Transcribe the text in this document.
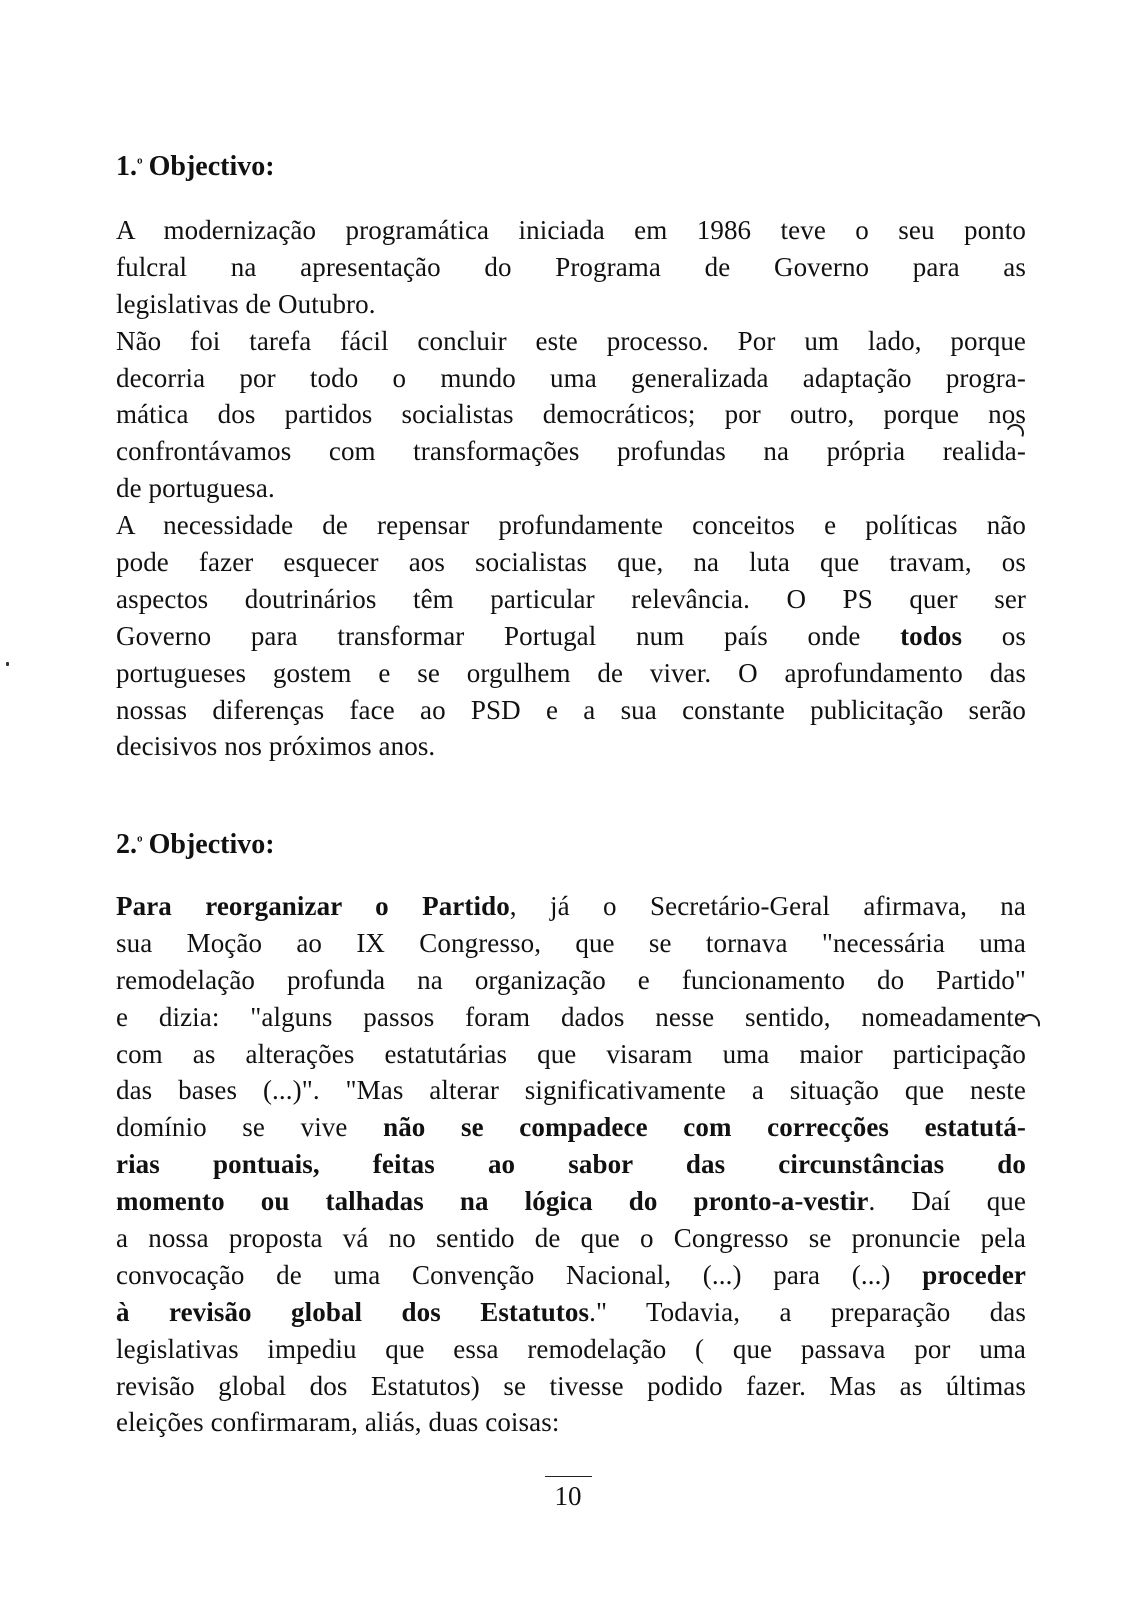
1.$^º$ Objectivo:
A modernização programática iniciada em 1986 teve o seu ponto
fulcral na apresentação do Programa de Governo para as
legislativas de Outubro.
Não foi tarefa fácil concluir este processo. Por um lado, porque
decorria por todo o mundo uma generalizada adaptação progra-
mática dos partidos socialistas democráticos; por outro, porque nos
confrontávamos com transformações profundas na própria realida-
de portuguesa.
A necessidade de repensar profundamente conceitos e políticas não
pode fazer esquecer aos socialistas que, na luta que travam, os
aspectos doutrinários têm particular relevância. O PS quer ser
Governo para transformar Portugal num país onde todos os
portugueses gostem e se orgulhem de viver. O aprofundamento das
nossas diferenças face ao PSD e a sua constante publicitação serão
decisivos nos próximos anos.
2.$^º$ Objectivo:
Para reorganizar o Partido, já o Secretário-Geral afirmava, na
sua Moção ao IX Congresso, que se tornava "necessária uma
remodelação profunda na organização e funcionamento do Partido"
e dizia: "alguns passos foram dados nesse sentido, nomeadamente
com as alterações estatutárias que visaram uma maior participação
das bases (...)". "Mas alterar significativamente a situação que neste
domínio se vive não se compadece com correcções estatutá-
rias pontuais, feitas ao sabor das circunstâncias do
momento ou talhadas na lógica do pronto-a-vestir. Daí que
a nossa proposta vá no sentido de que o Congresso se pronuncie pela
convocação de uma Convenção Nacional, (...) para (...) proceder
à revisão global dos Estatutos." Todavia, a preparação das
legislativas impediu que essa remodelação ( que passava por uma
revisão global dos Estatutos) se tivesse podido fazer. Mas as últimas
eleições confirmaram, aliás, duas coisas:
10
